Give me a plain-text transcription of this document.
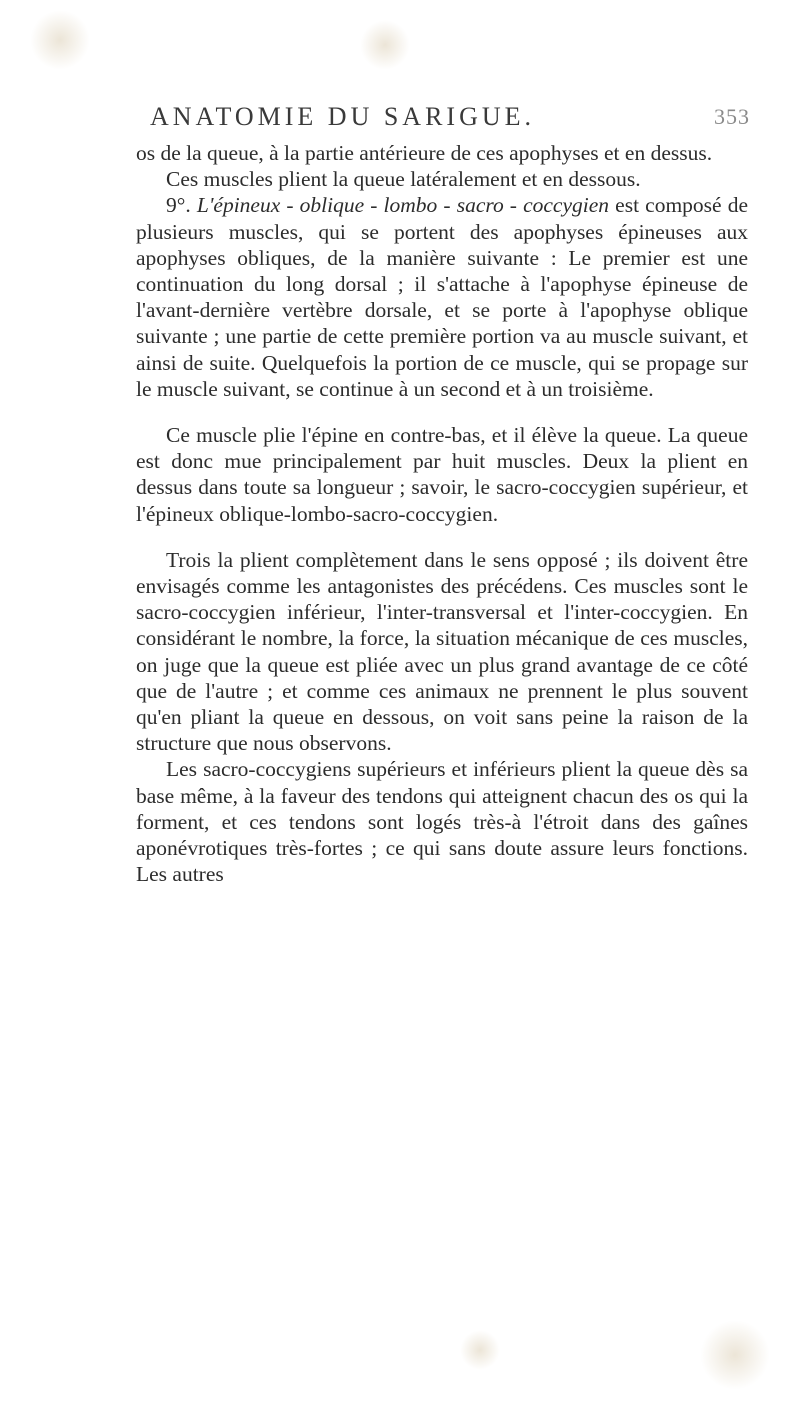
ANATOMIE DU SARIGUE.	353

os de la queue, à la partie antérieure de ces apophyses et en dessus.

Ces muscles plient la queue latéralement et en dessous.

9°. L'épineux - oblique - lombo - sacro - coccygien est composé de plusieurs muscles, qui se portent des apophyses épineuses aux apophyses obliques, de la manière suivante : Le premier est une continuation du long dorsal ; il s'attache à l'apophyse épineuse de l'avant-dernière vertèbre dorsale, et se porte à l'apophyse oblique suivante ; une partie de cette première portion va au muscle suivant, et ainsi de suite. Quelquefois la portion de ce muscle, qui se propage sur le muscle suivant, se continue à un second et à un troisième.

Ce muscle plie l'épine en contre-bas, et il élève la queue. La queue est donc mue principalement par huit muscles. Deux la plient en dessus dans toute sa longueur ; savoir, le sacro-coccygien supérieur, et l'épineux oblique-lombo-sacro-coccygien.

Trois la plient complètement dans le sens opposé ; ils doivent être envisagés comme les antagonistes des précédens. Ces muscles sont le sacro-coccygien inférieur, l'inter-transversal et l'inter-coccygien. En considérant le nombre, la force, la situation mécanique de ces muscles, on juge que la queue est pliée avec un plus grand avantage de ce côté que de l'autre ; et comme ces animaux ne prennent le plus souvent qu'en pliant la queue en dessous, on voit sans peine la raison de la structure que nous observons.

Les sacro-coccygiens supérieurs et inférieurs plient la queue dès sa base même, à la faveur des tendons qui atteignent chacun des os qui la forment, et ces tendons sont logés très-à l'étroit dans des gaînes aponévrotiques très-fortes ; ce qui sans doute assure leurs fonctions. Les autres
